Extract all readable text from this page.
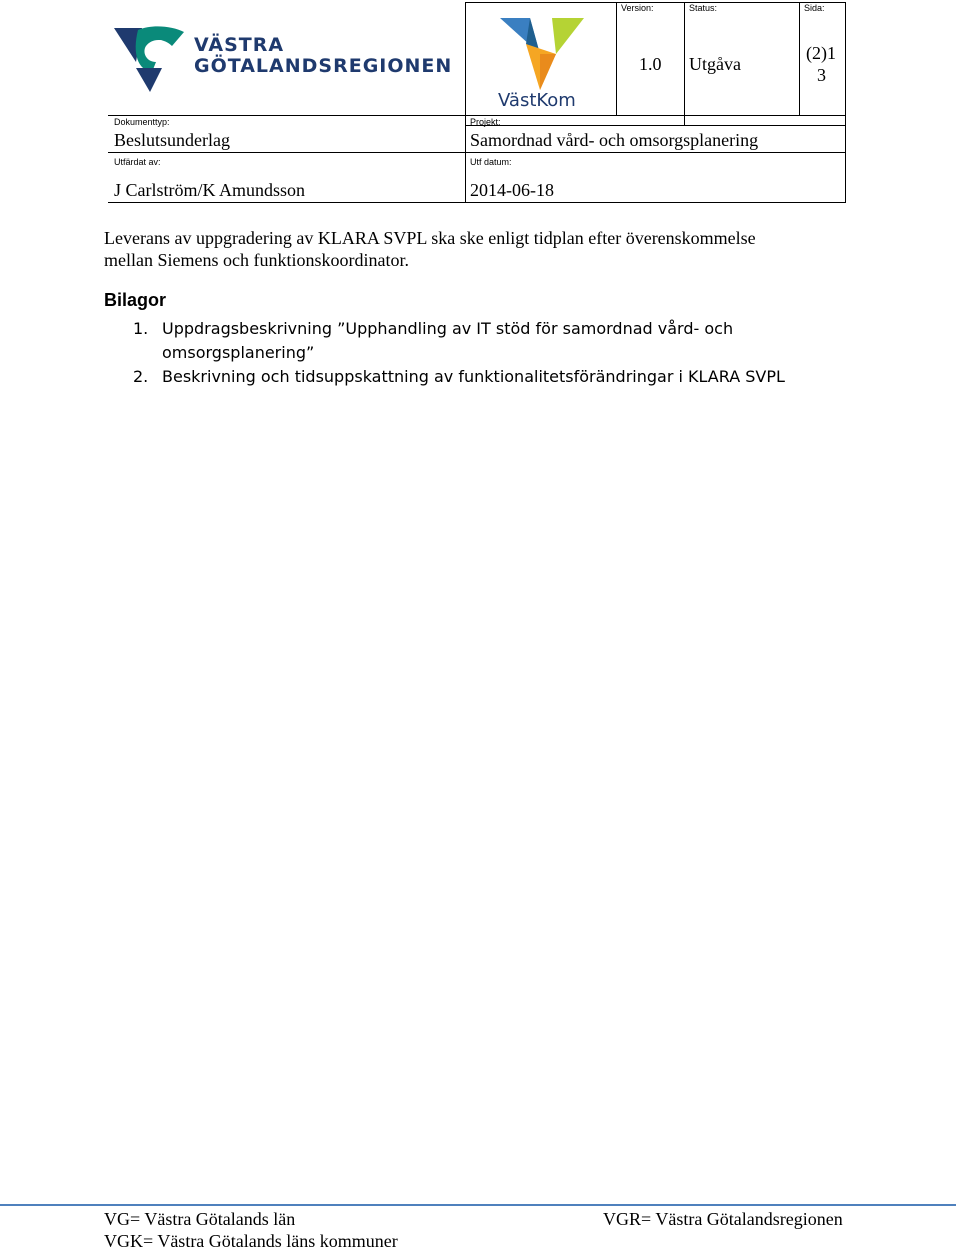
VÄSTRA
GÖTALANDSREGIONEN
VästKom
Version:
1.0
Status:
Utgåva
Sida:
(2)1
3
Dokumenttyp:
Beslutsunderlag
Projekt:
Samordnad vård- och omsorgsplanering
Utfärdat av:
J Carlström/K Amundsson
Utf datum:
2014-06-18
Leverans av uppgradering av KLARA SVPL ska ske enligt tidplan efter överenskommelse
mellan Siemens och funktionskoordinator.
Bilagor
1. Uppdragsbeskrivning ”Upphandling av IT stöd för samordnad vård- och
omsorgsplanering”
2. Beskrivning och tidsuppskattning av funktionalitetsförändringar i KLARA SVPL
VG= Västra Götalands län
VGK= Västra Götalands läns kommuner
VGR= Västra Götalandsregionen
